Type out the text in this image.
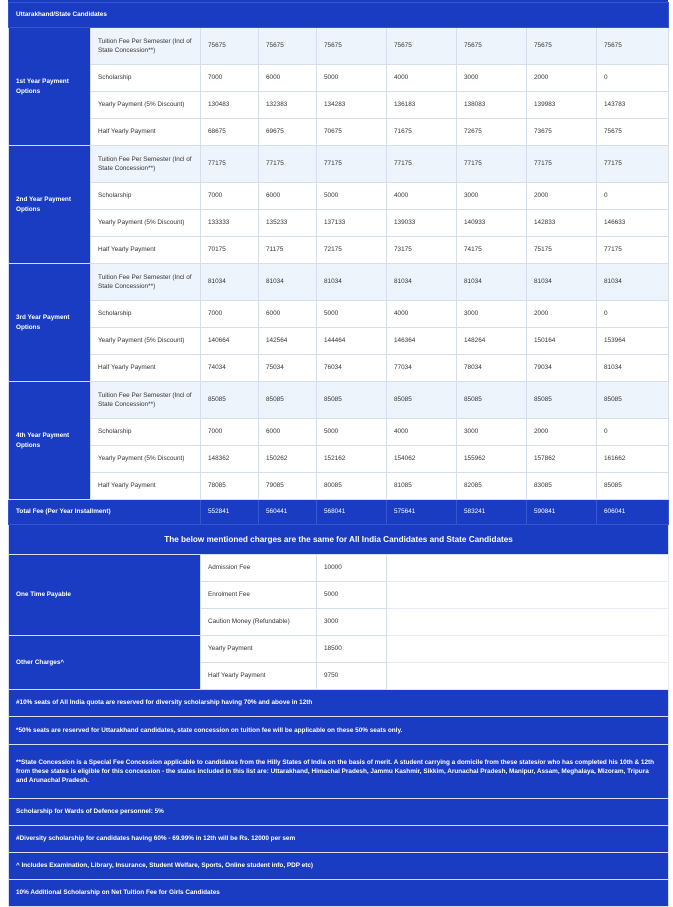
Uttarakhand/State Candidates								
1st Year Payment Options	Tuition Fee Per Semester (Incl of State Concession**)	75675	75675	75675	75675	75675	75675	75675
	Scholarship	7000	6000	5000	4000	3000	2000	0
	Yearly Payment (5% Discount)	130483	132383	134283	136183	138083	139983	143783
	Half Yearly Payment	68675	69675	70675	71675	72675	73675	75675
2nd Year Payment Options	Tuition Fee Per Semester (Incl of State Concession**)	77175	77175	77175	77175	77175	77175	77175
	Scholarship	7000	6000	5000	4000	3000	2000	0
	Yearly Payment (5% Discount)	133333	135233	137133	139033	140933	142833	146633
	Half Yearly Payment	70175	71175	72175	73175	74175	75175	77175
3rd Year Payment Options	Tuition Fee Per Semester (Incl of State Concession**)	81034	81034	81034	81034	81034	81034	81034
	Scholarship	7000	6000	5000	4000	3000	2000	0
	Yearly Payment (5% Discount)	140664	142564	144464	146364	148264	150164	153964
	Half Yearly Payment	74034	75034	76034	77034	78034	79034	81034
4th Year Payment Options	Tuition Fee Per Semester (Incl of State Concession**)	85085	85085	85085	85085	85085	85085	85085
	Scholarship	7000	6000	5000	4000	3000	2000	0
	Yearly Payment (5% Discount)	148362	150262	152162	154062	155962	157862	161662
	Half Yearly Payment	78085	79085	80085	81085	82085	83085	85085
Total Fee (Per Year Installment)		552841	560441	568041	575641	583241	590841	606041
The below mentioned charges are the same for All India Candidates and State Candidates								
One Time Payable		Admission Fee		10000				
		Enrolment Fee		5000				
		Caution Money (Refundable)		3000				
Other Charges^		Yearly Payment		18500				
		Half Yearly Payment		9750				
#10% seats of All India quota are reserved for diversity scholarship having 70% and above in 12th								
*50% seats are reserved for Uttarakhand candidates, state concession on tuition fee will be applicable on these 50% seats only.								
**State Concession is a Special Fee Concession applicable to candidates from the Hilly States of India on the basis of merit. A student carrying a domicile from these states/or who has completed his 10th & 12th from these states is eligible for this concession - the states included in this list are: Uttarakhand, Himachal Pradesh, Jammu Kashmir, Sikkim, Arunachal Pradesh, Manipur, Assam, Meghalaya, Mizoram, Tripura and Arunachal Pradesh.								
Scholarship for Wards of Defence personnel: 5%								
#Diversity scholarship for candidates having 60% - 69.99% in 12th will be Rs. 12000 per sem								
^ Includes Examination, Library, Insurance, Student Welfare, Sports, Online student info, PDP etc)								
10% Additional Scholarship on Net Tuition Fee for Girls Candidates								
